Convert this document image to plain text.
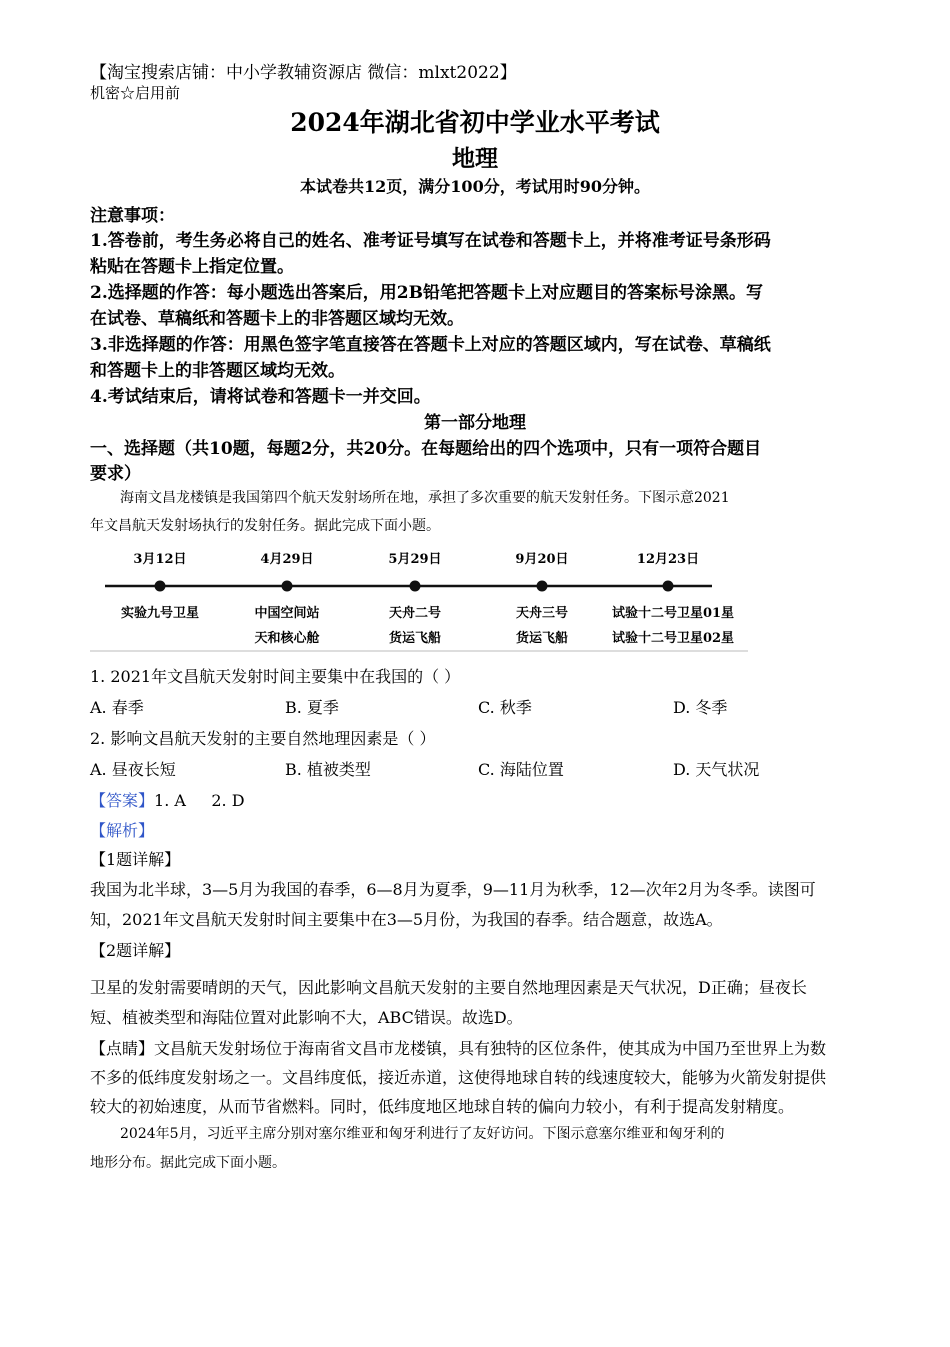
【淘宝搜索店铺：中小学教辅资源店 微信：mlxt2022】
机密☆启用前
2024年湖北省初中学业水平考试
地理
本试卷共12页，满分100分，考试用时90分钟。
注意事项：
1.答卷前，考生务必将自己的姓名、准考证号填写在试卷和答题卡上，并将准考证号条形码
粘贴在答题卡上指定位置。
2.选择题的作答：每小题选出答案后，用2B铅笔把答题卡上对应题目的答案标号涂黑。写
在试卷、草稿纸和答题卡上的非答题区域均无效。
3.非选择题的作答：用黑色签字笔直接答在答题卡上对应的答题区域内，写在试卷、草稿纸
和答题卡上的非答题区域均无效。
4.考试结束后，请将试卷和答题卡一并交回。
第一部分地理
一、选择题（共10题，每题2分，共20分。在每题给出的四个选项中，只有一项符合题目
要求）
海南文昌龙楼镇是我国第四个航天发射场所在地，承担了多次重要的航天发射任务。下图示意2021
年文昌航天发射场执行的发射任务。据此完成下面小题。
3月12日
实验九号卫星
4月29日
中国空间站
天和核心舱
5月29日
天舟二号
货运飞船
9月20日
天舟三号
货运飞船
12月23日
试验十二号卫星01星
试验十二号卫星02星
1. 2021年文昌航天发射时间主要集中在我国的（ ）
A. 春季	B. 夏季	C. 秋季	D. 冬季
2. 影响文昌航天发射的主要自然地理因素是（ ）
A. 昼夜长短	B. 植被类型	C. 海陆位置	D. 天气状况
【答案】1. A     2. D
【解析】
【1题详解】
我国为北半球，3—5月为我国的春季，6—8月为夏季，9—11月为秋季，12—次年2月为冬季。读图可
知，2021年文昌航天发射时间主要集中在3—5月份，为我国的春季。结合题意，故选A。
【2题详解】
卫星的发射需要晴朗的天气，因此影响文昌航天发射的主要自然地理因素是天气状况，D正确；昼夜长
短、植被类型和海陆位置对此影响不大，ABC错误。故选D。
【点睛】文昌航天发射场位于海南省文昌市龙楼镇，具有独特的区位条件，使其成为中国乃至世界上为数
不多的低纬度发射场之一。文昌纬度低，接近赤道，这使得地球自转的线速度较大，能够为火箭发射提供
较大的初始速度，从而节省燃料。同时，低纬度地区地球自转的偏向力较小，有利于提高发射精度。
2024年5月，习近平主席分别对塞尔维亚和匈牙利进行了友好访问。下图示意塞尔维亚和匈牙利的
地形分布。据此完成下面小题。
